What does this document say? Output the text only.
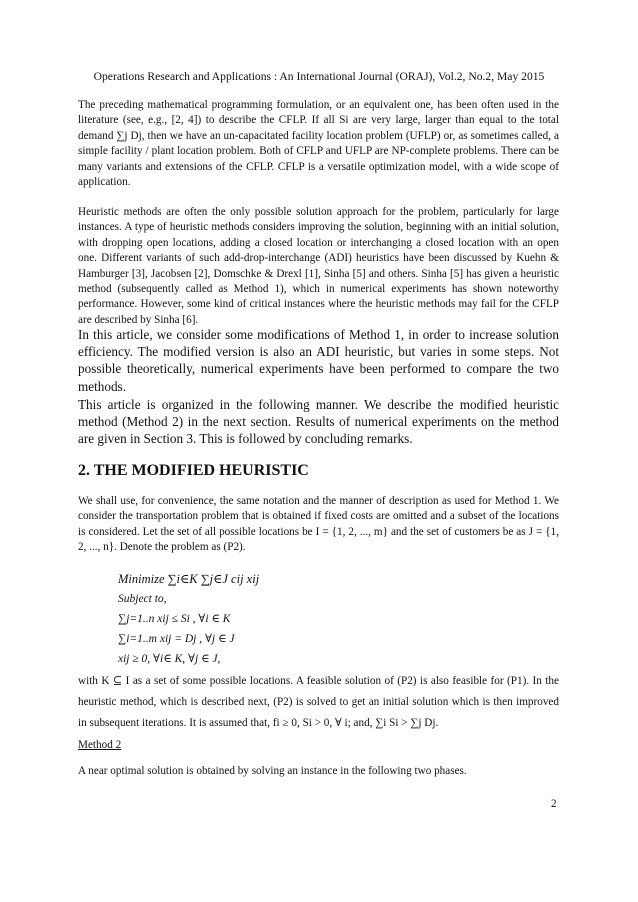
Operations Research and Applications : An International Journal (ORAJ), Vol.2, No.2, May 2015

The preceding mathematical programming formulation, or an equivalent one, has been often used in the literature (see, e.g., [2, 4]) to describe the CFLP. If all Si are very large, larger than equal to the total demand ∑j Dj, then we have an un-capacitated facility location problem (UFLP) or, as sometimes called, a simple facility / plant location problem. Both of CFLP and UFLP are NP-complete problems. There can be many variants and extensions of the CFLP. CFLP is a versatile optimization model, with a wide scope of application.

Heuristic methods are often the only possible solution approach for the problem, particularly for large instances. A type of heuristic methods considers improving the solution, beginning with an initial solution, with dropping open locations, adding a closed location or interchanging a closed location with an open one. Different variants of such add-drop-interchange (ADI) heuristics have been discussed by Kuehn & Hamburger [3], Jacobsen [2], Domschke & Drexl [1], Sinha [5] and others. Sinha [5] has given a heuristic method (subsequently called as Method 1), which in numerical experiments has shown noteworthy performance. However, some kind of critical instances where the heuristic methods may fail for the CFLP are described by Sinha [6].

In this article, we consider some modifications of Method 1, in order to increase solution efficiency. The modified version is also an ADI heuristic, but varies in some steps. Not possible theoretically, numerical experiments have been performed to compare the two methods.

This article is organized in the following manner. We describe the modified heuristic method (Method 2) in the next section. Results of numerical experiments on the method are given in Section 3. This is followed by concluding remarks.

2. THE MODIFIED HEURISTIC

We shall use, for convenience, the same notation and the manner of description as used for Method 1. We consider the transportation problem that is obtained if fixed costs are omitted and a subset of the locations is considered. Let the set of all possible locations be I = {1, 2, ..., m} and the set of customers be as J = {1, 2, ..., n}. Denote the problem as (P2).

Minimize ∑i∈K ∑j∈J cij xij
Subject to,
∑j=1..n xij ≤ Si , ∀i ∈ K
∑i=1..m xij = Dj , ∀j ∈ J
xij ≥ 0, ∀i∈ K, ∀j ∈ J,

with K ⊆ I as a set of some possible locations. A feasible solution of (P2) is also feasible for (P1). In the heuristic method, which is described next, (P2) is solved to get an initial solution which is then improved in subsequent iterations. It is assumed that, fi ≥ 0, Si > 0, ∀ i; and, ∑i Si > ∑j Dj.

Method 2

A near optimal solution is obtained by solving an instance in the following two phases.

2
